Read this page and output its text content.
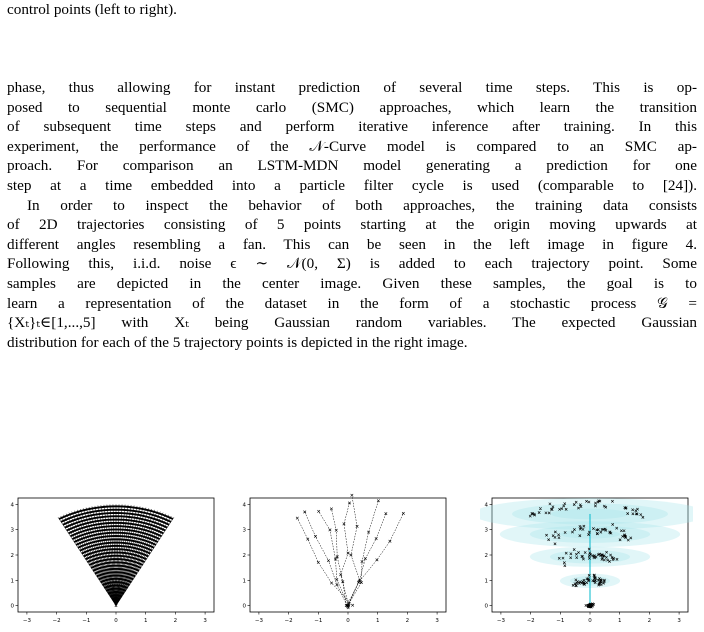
control points (left to right).
phase, thus allowing for instant prediction of several time steps. This is op-
posed to sequential monte carlo (SMC) approaches, which learn the transition
of subsequent time steps and perform iterative inference after training. In this
experiment, the performance of the 𝒩-Curve model is compared to an SMC ap-
proach. For comparison an LSTM-MDN model generating a prediction for one
step at a time embedded into a particle filter cycle is used (comparable to [24]).
In order to inspect the behavior of both approaches, the training data consists
of 2D trajectories consisting of 5 points starting at the origin moving upwards at
different angles resembling a fan. This can be seen in the left image in figure 4.
Following this, i.i.d. noise ϵ ∼ 𝒩(0, Σ) is added to each trajectory point. Some
samples are depicted in the center image. Given these samples, the goal is to
learn a representation of the dataset in the form of a stochastic process 𝒢 =
{Xₜ}ₜ∈[1,...,5] with Xₜ being Gaussian random variables. The expected Gaussian
distribution for each of the 5 trajectory points is depicted in the right image.
−3	−2	−1	0	1	2	3
0
1
2
3
4
−3	−2	−1	0	1	2	3
0
1
2
3
4
−3	−2	−1	0	1	2	3
0
1
2
3
4
